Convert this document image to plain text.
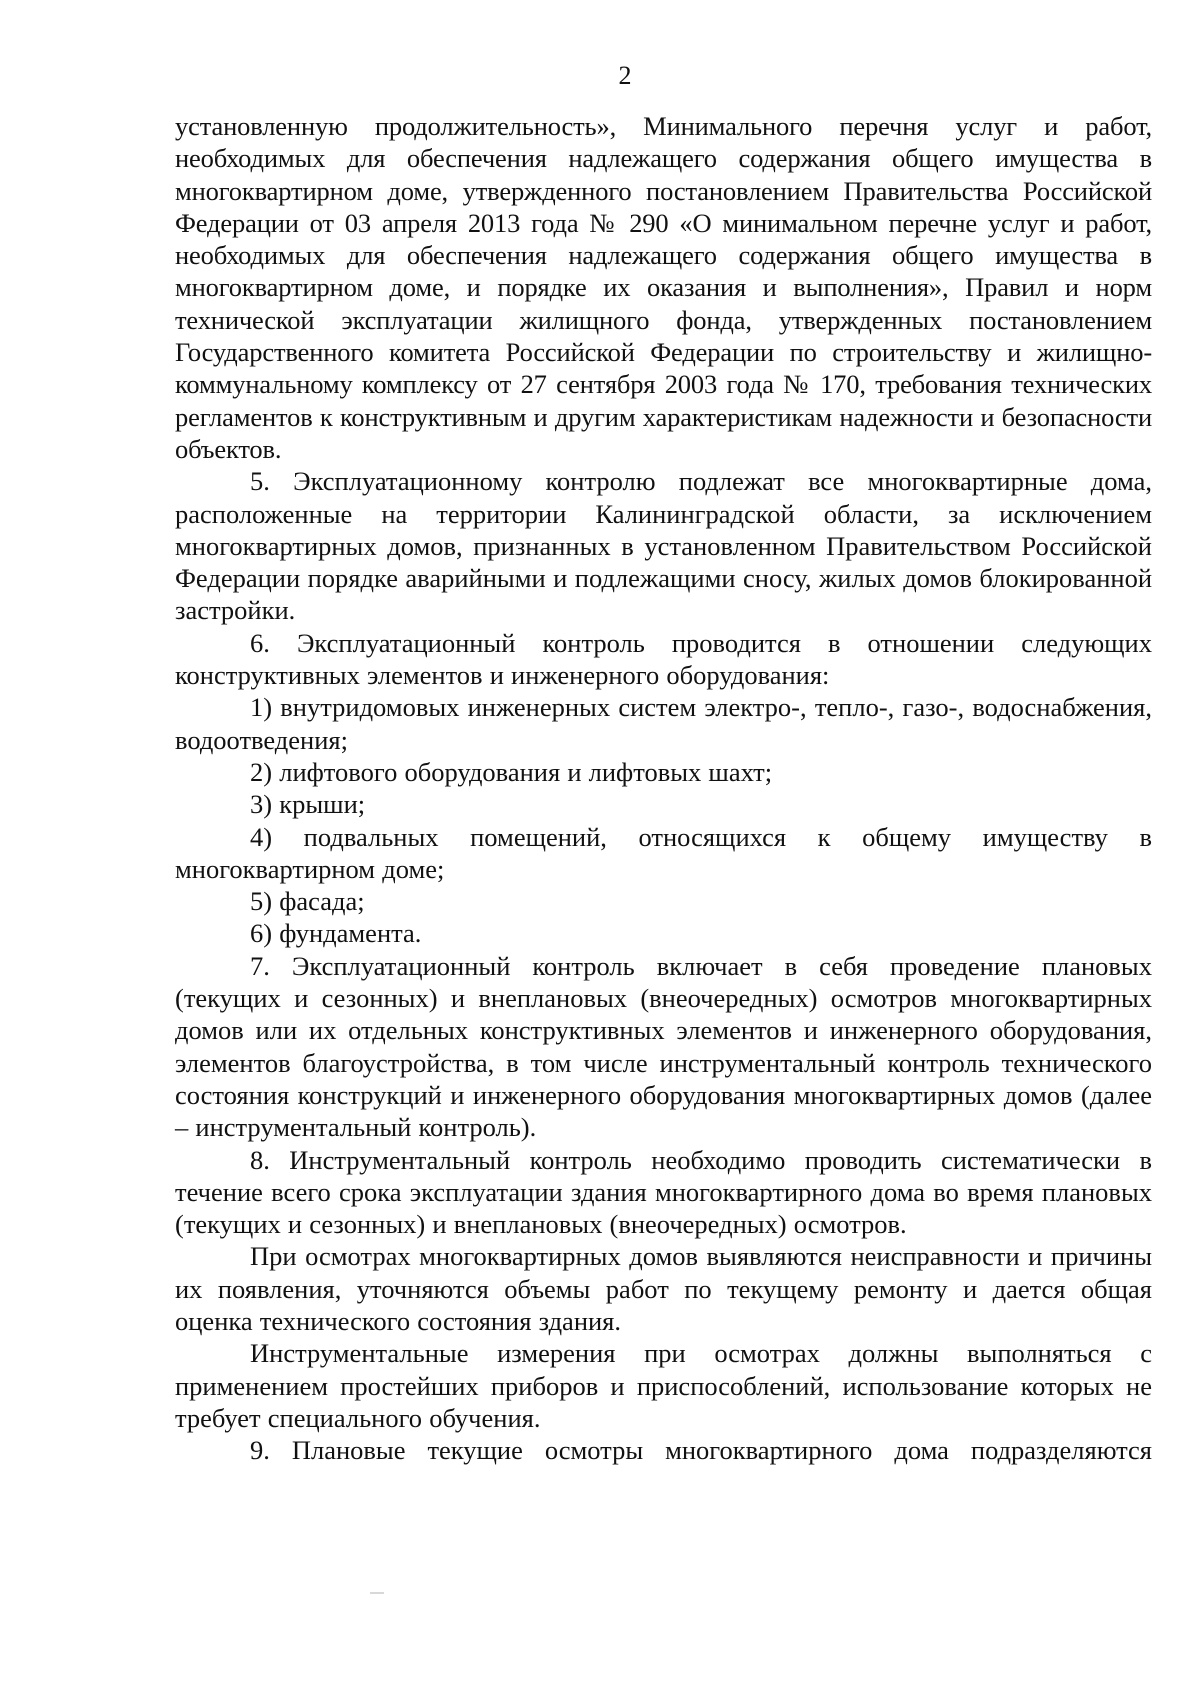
2

установленную продолжительность», Минимального перечня услуг и работ, необходимых для обеспечения надлежащего содержания общего имущества в многоквартирном доме, утвержденного постановлением Правительства Российской Федерации от 03 апреля 2013 года № 290 «О минимальном перечне услуг и работ, необходимых для обеспечения надлежащего содержания общего имущества в многоквартирном доме, и порядке их оказания и выполнения», Правил и норм технической эксплуатации жилищного фонда, утвержденных постановлением Государственного комитета Российской Федерации по строительству и жилищно-коммунальному комплексу от 27 сентября 2003 года № 170, требования технических регламентов к конструктивным и другим характеристикам надежности и безопасности объектов.

5. Эксплуатационному контролю подлежат все многоквартирные дома, расположенные на территории Калининградской области, за исключением многоквартирных домов, признанных в установленном Правительством Российской Федерации порядке аварийными и подлежащими сносу, жилых домов блокированной застройки.

6. Эксплуатационный контроль проводится в отношении следующих конструктивных элементов и инженерного оборудования:

1) внутридомовых инженерных систем электро-, тепло-, газо-, водоснабжения, водоотведения;

2) лифтового оборудования и лифтовых шахт;

3) крыши;

4) подвальных помещений, относящихся к общему имуществу в многоквартирном доме;

5) фасада;

6) фундамента.

7. Эксплуатационный контроль включает в себя проведение плановых (текущих и сезонных) и внеплановых (внеочередных) осмотров многоквартирных домов или их отдельных конструктивных элементов и инженерного оборудования, элементов благоустройства, в том числе инструментальный контроль технического состояния конструкций и инженерного оборудования многоквартирных домов (далее – инструментальный контроль).

8. Инструментальный контроль необходимо проводить систематически в течение всего срока эксплуатации здания многоквартирного дома во время плановых (текущих и сезонных) и внеплановых (внеочередных) осмотров.

При осмотрах многоквартирных домов выявляются неисправности и причины их появления, уточняются объемы работ по текущему ремонту и дается общая оценка технического состояния здания.

Инструментальные измерения при осмотрах должны выполняться с применением простейших приборов и приспособлений, использование которых не требует специального обучения.

9. Плановые текущие осмотры многоквартирного дома подразделяются
